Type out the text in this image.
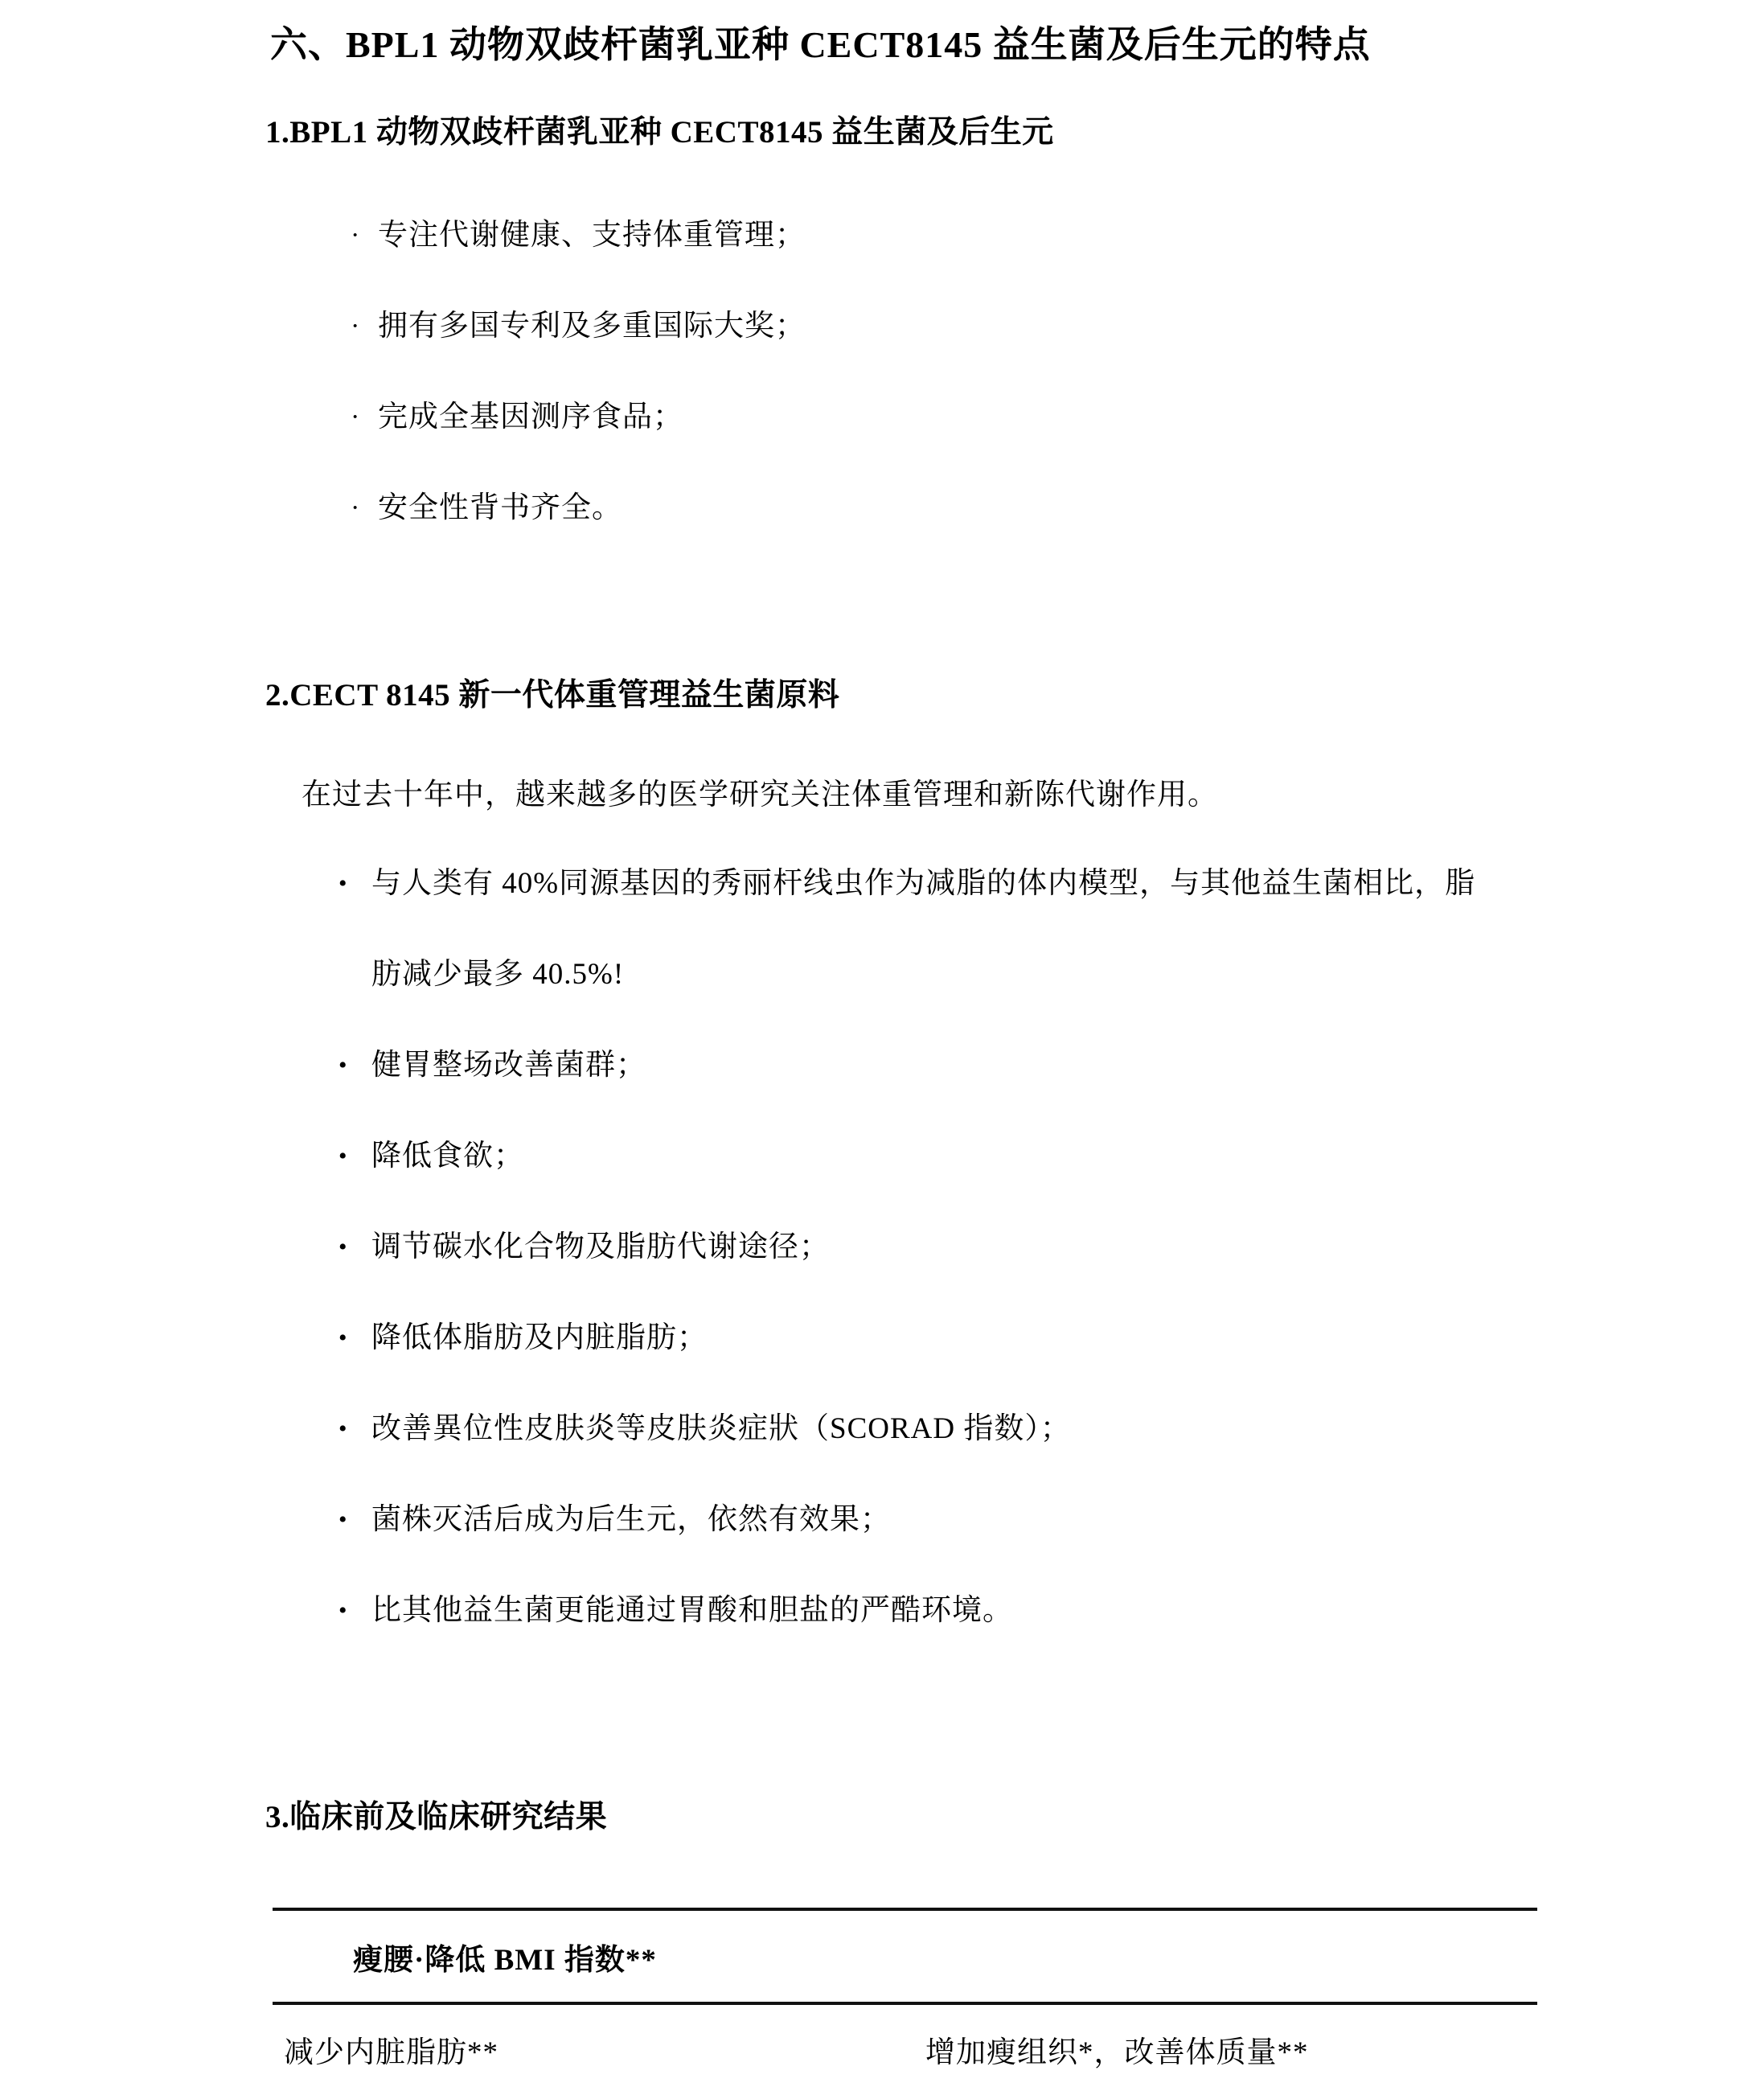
六、BPL1 动物双歧杆菌乳亚种 CECT8145 益生菌及后生元的特点
1.BPL1 动物双歧杆菌乳亚种 CECT8145 益生菌及后生元
· 专注代谢健康、支持体重管理；
· 拥有多国专利及多重国际大奖；
· 完成全基因测序食品；
· 安全性背书齐全。
2.CECT 8145 新一代体重管理益生菌原料

在过去十年中，越来越多的医学研究关注体重管理和新陈代谢作用。

• 与人类有 40%同源基因的秀丽杆线虫作为减脂的体内模型，与其他益生菌相比，脂肪减少最多 40.5%!
• 健胃整场改善菌群；
• 降低食欲；
• 调节碳水化合物及脂肪代谢途径；
• 降低体脂肪及内脏脂肪；
• 改善異位性皮肤炎等皮肤炎症狀（SCORAD 指数）；
• 菌株灭活后成为后生元，依然有效果；
• 比其他益生菌更能通过胃酸和胆盐的严酷环境。
3.临床前及临床研究结果
瘦腰·降低 BMI 指数**
减少内脏脂肪**	增加瘦组织*，改善体质量**
